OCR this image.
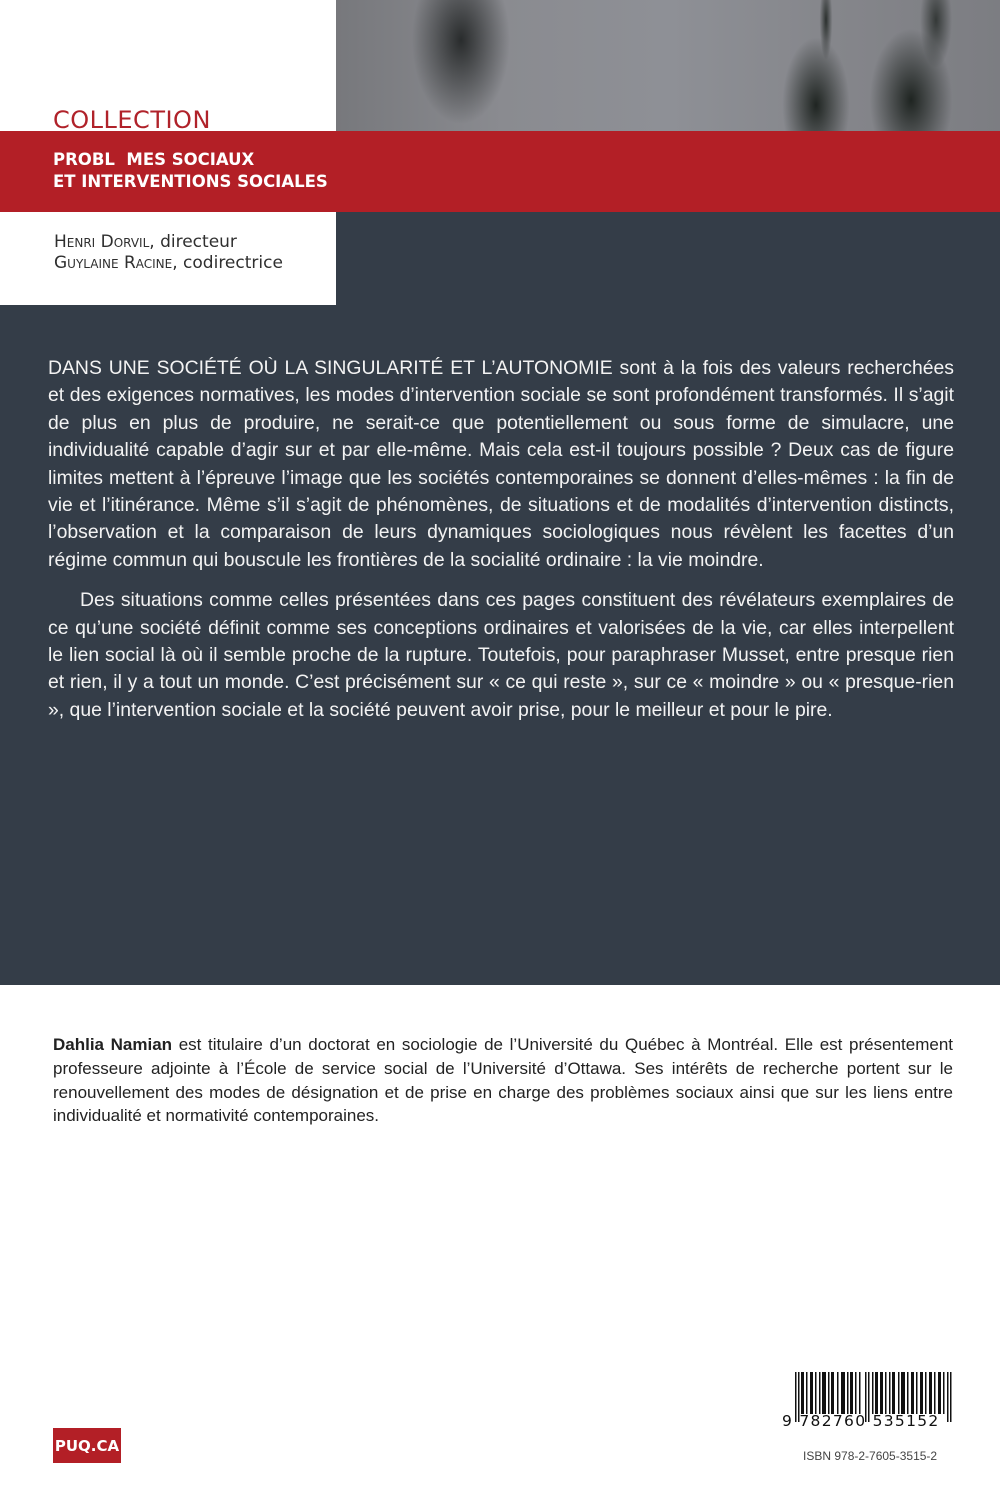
COLLECTION
PROBL  MES SOCIAUX
ET INTERVENTIONS SOCIALES
Henri Dorvil, directeur
Guylaine Racine, codirectrice

DANS UNE SOCIÉTÉ OÙ LA SINGULARITÉ ET L’AUTONOMIE sont à la fois des valeurs recherchées et des exigences normatives, les modes d’intervention sociale se sont profondément transformés. Il s’agit de plus en plus de produire, ne serait-ce que potentiellement ou sous forme de simulacre, une individualité capable d’agir sur et par elle-même. Mais cela est-il toujours possible ? Deux cas de figure limites mettent à l’épreuve l’image que les sociétés contemporaines se donnent d’elles-mêmes : la fin de vie et l’itinérance. Même s’il s’agit de phénomènes, de situations et de modalités d’intervention distincts, l’observation et la comparaison de leurs dynamiques sociologiques nous révèlent les facettes d’un régime commun qui bouscule les frontières de la socialité ordinaire : la vie moindre.

Des situations comme celles présentées dans ces pages constituent des révélateurs exemplaires de ce qu’une société définit comme ses conceptions ordinaires et valorisées de la vie, car elles interpellent le lien social là où il semble proche de la rupture. Toutefois, pour paraphraser Musset, entre presque rien et rien, il y a tout un monde. C’est précisément sur « ce qui reste », sur ce « moindre » ou « presque-rien », que l’intervention sociale et la société peuvent avoir prise, pour le meilleur et pour le pire.

Dahlia Namian est titulaire d’un doctorat en sociologie de l’Université du Québec à Montréal. Elle est présentement professeure adjointe à l’École de service social de l’Université d’Ottawa. Ses intérêts de recherche portent sur le renouvellement des modes de désignation et de prise en charge des problèmes sociaux ainsi que sur les liens entre individualité et normativité contemporaines.
PUQ.CA
9 782760 535152
ISBN 978-2-7605-3515-2
